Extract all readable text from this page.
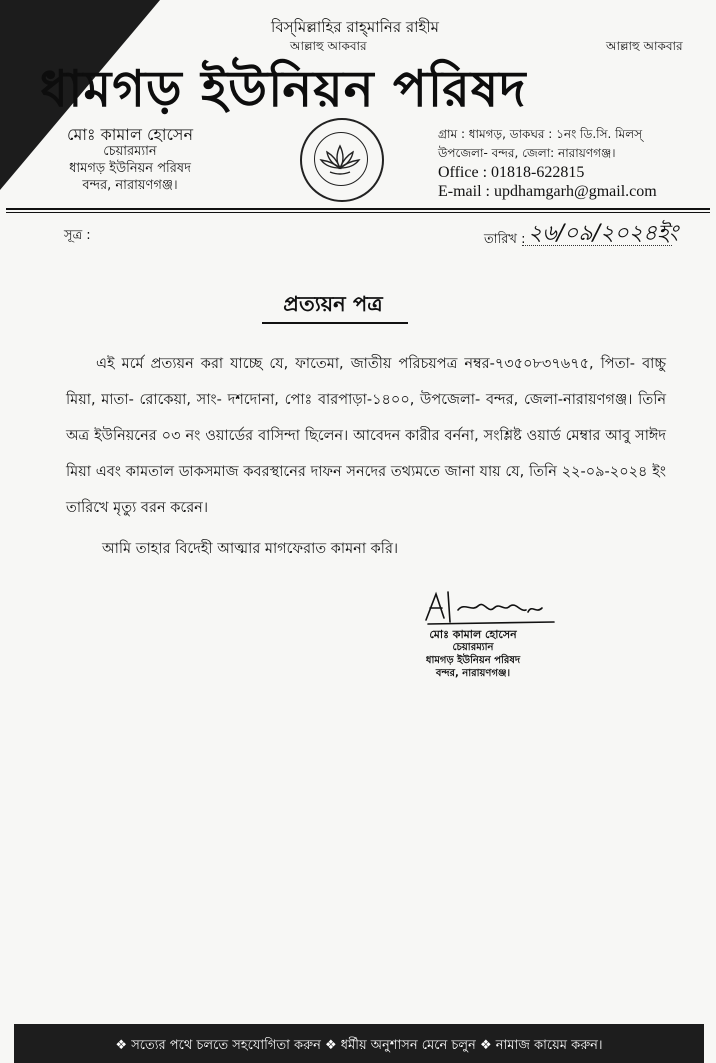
বিস্‌মিল্লাহির রাহ্‌মানির রাহীম
আল্লাহু আকবার	আল্লাহু আকবার
ধামগড় ইউনিয়ন পরিষদ
মোঃ কামাল হোসেন
চেয়ারম্যান
ধামগড় ইউনিয়ন পরিষদ
বন্দর, নারায়ণগঞ্জ।
গ্রাম : ধামগড়, ডাকঘর : ১নং ডি.সি. মিলস্‌
উপজেলা- বন্দর, জেলা: নারায়ণগঞ্জ।
Office : 01818-622815
E-mail : updhamgarh@gmail.com
সূত্র :	তারিখ : ২৬/০৯/২০২৪ইং
প্রত্যয়ন পত্র
এই মর্মে প্রত্যয়ন করা যাচ্ছে যে, ফাতেমা, জাতীয় পরিচয়পত্র নম্বর-৭৩৫০৮৩৭৬৭৫, পিতা- বাচ্চু মিয়া, মাতা- রোকেয়া, সাং- দশদোনা, পোঃ বারপাড়া-১৪০০, উপজেলা- বন্দর, জেলা-নারায়ণগঞ্জ। তিনি অত্র ইউনিয়নের ০৩ নং ওয়ার্ডের বাসিন্দা ছিলেন। আবেদন কারীর বর্ননা, সংশ্লিষ্ট ওয়ার্ড মেম্বার আবু সাঈদ মিয়া এবং কামতাল ডাকসমাজ কবরস্থানের দাফন সনদের তথ্যমতে জানা যায় যে, তিনি ২২-০৯-২০২৪ ইং তারিখে মৃত্যু বরন করেন।
আমি তাহার বিদেহী আত্মার মাগফেরাত কামনা করি।
মোঃ কামাল হোসেন
চেয়ারম্যান
ধামগড় ইউনিয়ন পরিষদ
বন্দর, নারায়ণগঞ্জ।
❖ সত্যের পথে চলতে সহযোগিতা করুন ❖ ধর্মীয় অনুশাসন মেনে চলুন ❖ নামাজ কায়েম করুন।
